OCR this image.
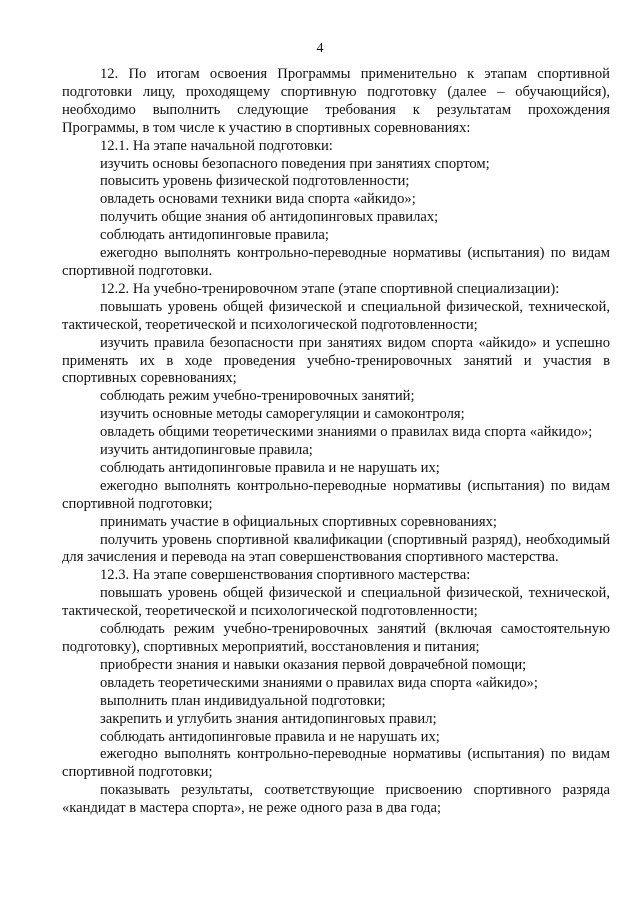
4

12. По итогам освоения Программы применительно к этапам спортивной подготовки лицу, проходящему спортивную подготовку (далее – обучающийся), необходимо выполнить следующие требования к результатам прохождения Программы, в том числе к участию в спортивных соревнованиях:

12.1. На этапе начальной подготовки:

изучить основы безопасного поведения при занятиях спортом;

повысить уровень физической подготовленности;

овладеть основами техники вида спорта «айкидо»;

получить общие знания об антидопинговых правилах;

соблюдать антидопинговые правила;

ежегодно выполнять контрольно-переводные нормативы (испытания) по видам спортивной подготовки.

12.2. На учебно-тренировочном этапе (этапе спортивной специализации):

повышать уровень общей физической и специальной физической, технической, тактической, теоретической и психологической подготовленности;

изучить правила безопасности при занятиях видом спорта «айкидо» и успешно применять их в ходе проведения учебно-тренировочных занятий и участия в спортивных соревнованиях;

соблюдать режим учебно-тренировочных занятий;

изучить основные методы саморегуляции и самоконтроля;

овладеть общими теоретическими знаниями о правилах вида спорта «айкидо»;

изучить антидопинговые правила;

соблюдать антидопинговые правила и не нарушать их;

ежегодно выполнять контрольно-переводные нормативы (испытания) по видам спортивной подготовки;

принимать участие в официальных спортивных соревнованиях;

получить уровень спортивной квалификации (спортивный разряд), необходимый для зачисления и перевода на этап совершенствования спортивного мастерства.

12.3. На этапе совершенствования спортивного мастерства:

повышать уровень общей физической и специальной физической, технической, тактической, теоретической и психологической подготовленности;

соблюдать режим учебно-тренировочных занятий (включая самостоятельную подготовку), спортивных мероприятий, восстановления и питания;

приобрести знания и навыки оказания первой доврачебной помощи;

овладеть теоретическими знаниями о правилах вида спорта «айкидо»;

выполнить план индивидуальной подготовки;

закрепить и углубить знания антидопинговых правил;

соблюдать антидопинговые правила и не нарушать их;

ежегодно выполнять контрольно-переводные нормативы (испытания) по видам спортивной подготовки;

показывать результаты, соответствующие присвоению спортивного разряда «кандидат в мастера спорта», не реже одного раза в два года;
